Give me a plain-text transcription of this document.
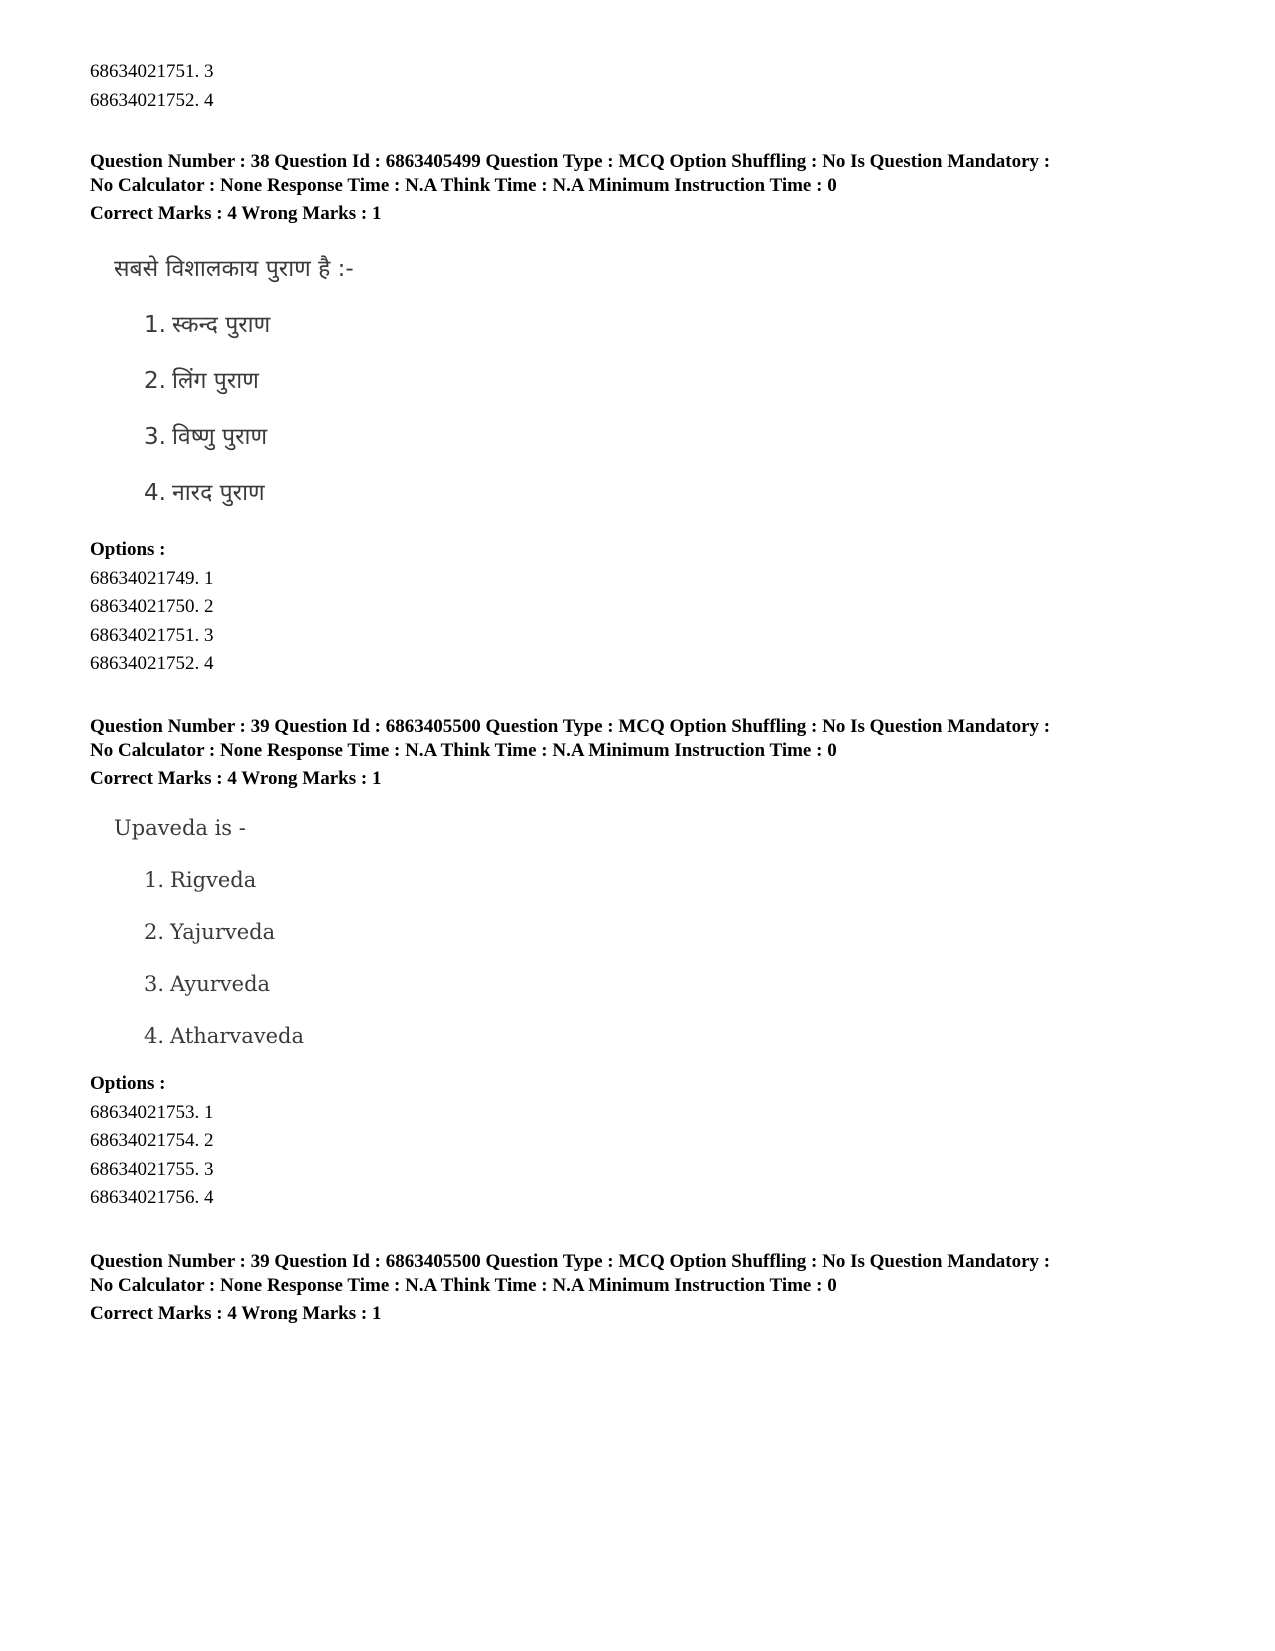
68634021751. 3
68634021752. 4
Question Number : 38 Question Id : 6863405499 Question Type : MCQ Option Shuffling : No Is Question Mandatory :
No Calculator : None Response Time : N.A Think Time : N.A Minimum Instruction Time : 0
Correct Marks : 4 Wrong Marks : 1
सबसे विशालकाय पुराण है :-
1. स्कन्द पुराण
2. लिंग पुराण
3. विष्णु पुराण
4. नारद पुराण
Options :
68634021749. 1
68634021750. 2
68634021751. 3
68634021752. 4
Question Number : 39 Question Id : 6863405500 Question Type : MCQ Option Shuffling : No Is Question Mandatory :
No Calculator : None Response Time : N.A Think Time : N.A Minimum Instruction Time : 0
Correct Marks : 4 Wrong Marks : 1
Upaveda is -
1. Rigveda
2. Yajurveda
3. Ayurveda
4. Atharvaveda
Options :
68634021753. 1
68634021754. 2
68634021755. 3
68634021756. 4
Question Number : 39 Question Id : 6863405500 Question Type : MCQ Option Shuffling : No Is Question Mandatory :
No Calculator : None Response Time : N.A Think Time : N.A Minimum Instruction Time : 0
Correct Marks : 4 Wrong Marks : 1
